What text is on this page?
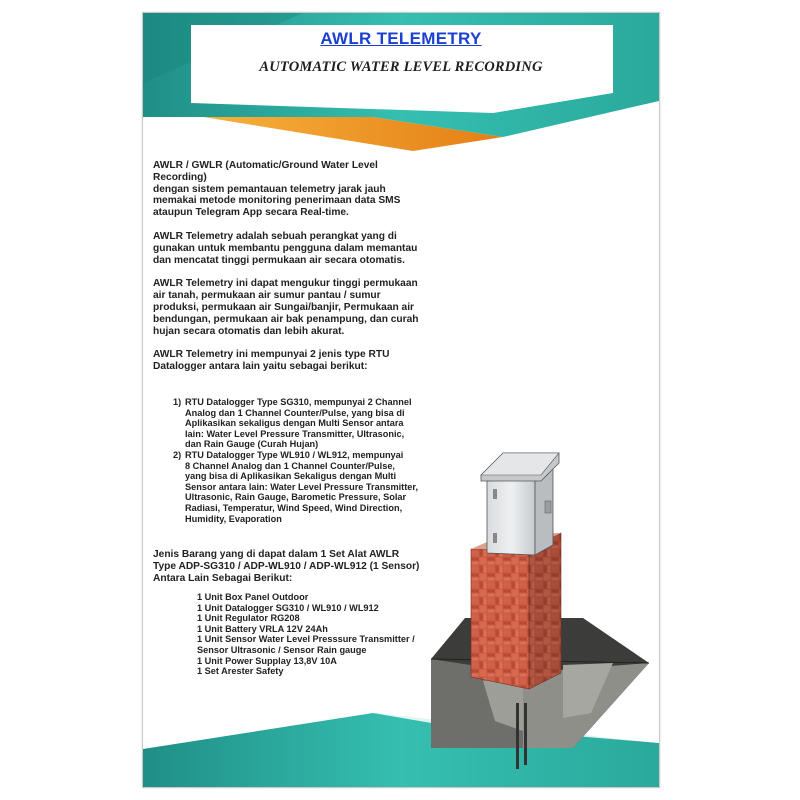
AWLR TELEMETRY
AUTOMATIC WATER LEVEL RECORDING
AWLR / GWLR (Automatic/Ground Water Level
Recording)
dengan sistem pemantauan telemetry jarak jauh
memakai metode monitoring penerimaan data SMS
ataupun Telegram App secara Real-time.
AWLR Telemetry adalah sebuah perangkat yang di
gunakan untuk membantu pengguna dalam memantau
dan mencatat tinggi permukaan air secara otomatis.
AWLR Telemetry ini dapat mengukur tinggi permukaan
air tanah, permukaan air sumur pantau / sumur
produksi, permukaan air Sungai/banjir, Permukaan air
bendungan, permukaan air bak penampung, dan curah
hujan secara otomatis dan lebih akurat.
AWLR Telemetry ini mempunyai 2 jenis type RTU
Datalogger antara lain yaitu sebagai berikut:
1) RTU Datalogger Type SG310, mempunyai 2 Channel
Analog dan 1 Channel Counter/Pulse, yang bisa di
Aplikasikan sekaligus dengan Multi Sensor antara
lain: Water Level Pressure Transmitter, Ultrasonic,
dan Rain Gauge (Curah Hujan)
2) RTU Datalogger Type WL910 / WL912, mempunyai
8 Channel Analog dan 1 Channel Counter/Pulse,
yang bisa di Aplikasikan Sekaligus dengan Multi
Sensor antara lain: Water Level Pressure Transmitter,
Ultrasonic, Rain Gauge, Barometic Pressure, Solar
Radiasi, Temperatur, Wind Speed, Wind Direction,
Humidity, Evaporation
Jenis Barang yang di dapat dalam 1 Set Alat AWLR
Type ADP-SG310 / ADP-WL910 / ADP-WL912 (1 Sensor)
Antara Lain Sebagai Berikut:
1 Unit Box Panel Outdoor
1 Unit Datalogger SG310 / WL910 / WL912
1 Unit Regulator RG208
1 Unit Battery VRLA 12V 24Ah
1 Unit Sensor Water Level Presssure Transmitter /
Sensor Ultrasonic / Sensor Rain gauge
1 Unit Power Supplay 13,8V 10A
1 Set Arester Safety
